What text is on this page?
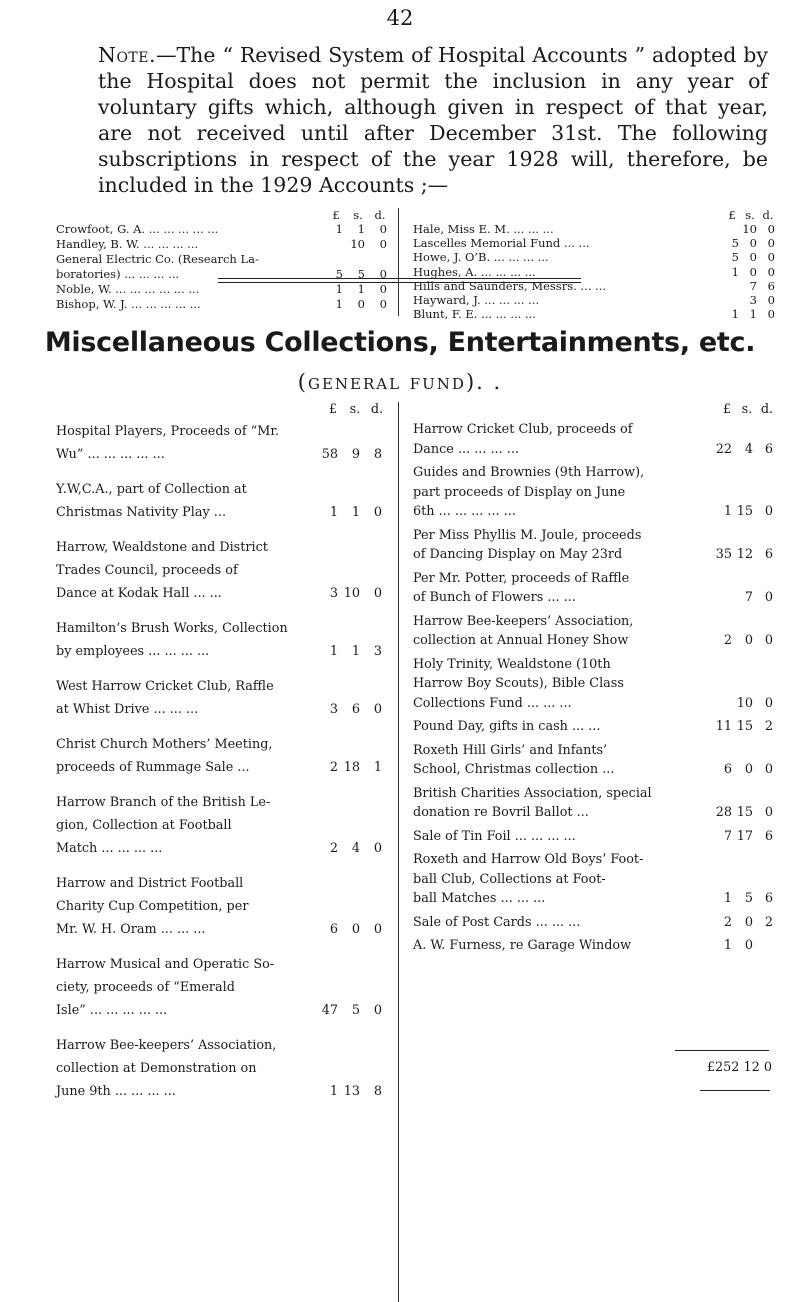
42
Note.—The “ Revised System of Hospital Accounts ” adopted by the Hospital does not permit the inclusion in any year of voluntary gifts which, although given in respect of that year, are not received until after December 31st. The following subscriptions in respect of the year 1928 will, therefore, be included in the 1929 Accounts ;—
£ s. d.
Crowfoot, G. A. ... ... ... ... ...	1	1	0
Handley, B. W. ... ... ... ...	10	0
General Electric Co. (Research La-
boratories) ... ... ... ...	5	5	0
Noble, W. ... ... ... ... ... ...	1	1	0
Bishop, W. J. ... ... ... ... ...	1	0	0
£ s. d.
Hale, Miss E. M. ... ... ...	10 0
Lascelles Memorial Fund ... ...	5 0 0
Howe, J. O’B. ... ... ... ...	5 0 0
Hughes, A. ... ... ... ...	1 0 0
Hills and Saunders, Messrs. ... ...	7 6
Hayward, J. ... ... ... ...	3 0
Blunt, F. E. ... ... ... ...	1 1 0
Miscellaneous Collections, Entertainments, etc.
(general fund). .
£ s. d.
Hospital Players, Proceeds of “Mr.
Wu” ... ... ... ... ...	58	9	8
Y.W,C.A., part of Collection at
Christmas Nativity Play ...	1	1	0
Harrow, Wealdstone and District
Trades Council, proceeds of
Dance at Kodak Hall ... ...	3 10	0
Hamilton’s Brush Works, Collection
by employees ... ... ... ...	1	1	3
West Harrow Cricket Club, Raffle
at Whist Drive ... ... ...	3	6	0
Christ Church Mothers’ Meeting,
proceeds of Rummage Sale ...	2 18	1
Harrow Branch of the British Le-
gion, Collection at Football
Match ... ... ... ...	2	4	0
Harrow and District Football
Charity Cup Competition, per
Mr. W. H. Oram ... ... ...	6	0	0
Harrow Musical and Operatic So-
ciety, proceeds of “Emerald
Isle” ... ... ... ... ...	47	5	0
Harrow Bee-keepers’ Association,
collection at Demonstration on
June 9th ... ... ... ...	1 13	8
£ s. d.
Harrow Cricket Club, proceeds of
Dance ... ... ... ...	22	4 6
Guides and Brownies (9th Harrow),
part proceeds of Display on June
6th ... ... ... ... ...	1 15 0
Per Miss Phyllis M. Joule, proceeds
of Dancing Display on May 23rd	35 12 6
Per Mr. Potter, proceeds of Raffle
of Bunch of Flowers ... ...	7 0
Harrow Bee-keepers’ Association,
collection at Annual Honey Show	2	0 0
Holy Trinity, Wealdstone (10th
Harrow Boy Scouts), Bible Class
Collections Fund ... ... ...	10 0
Pound Day, gifts in cash ... ...	11 15 2
Roxeth Hill Girls’ and Infants’
School, Christmas collection ...	6	0 0
British Charities Association, special
donation re Bovril Ballot ...	28 15 0
Sale of Tin Foil ... ... ... ...	7 17 6
Roxeth and Harrow Old Boys’ Foot-
ball Club, Collections at Foot-
ball Matches ... ... ...	1	5 6
Sale of Post Cards ... ... ...	2	0 2
A. W. Furness, re Garage Window	1	0
£252 12 0
